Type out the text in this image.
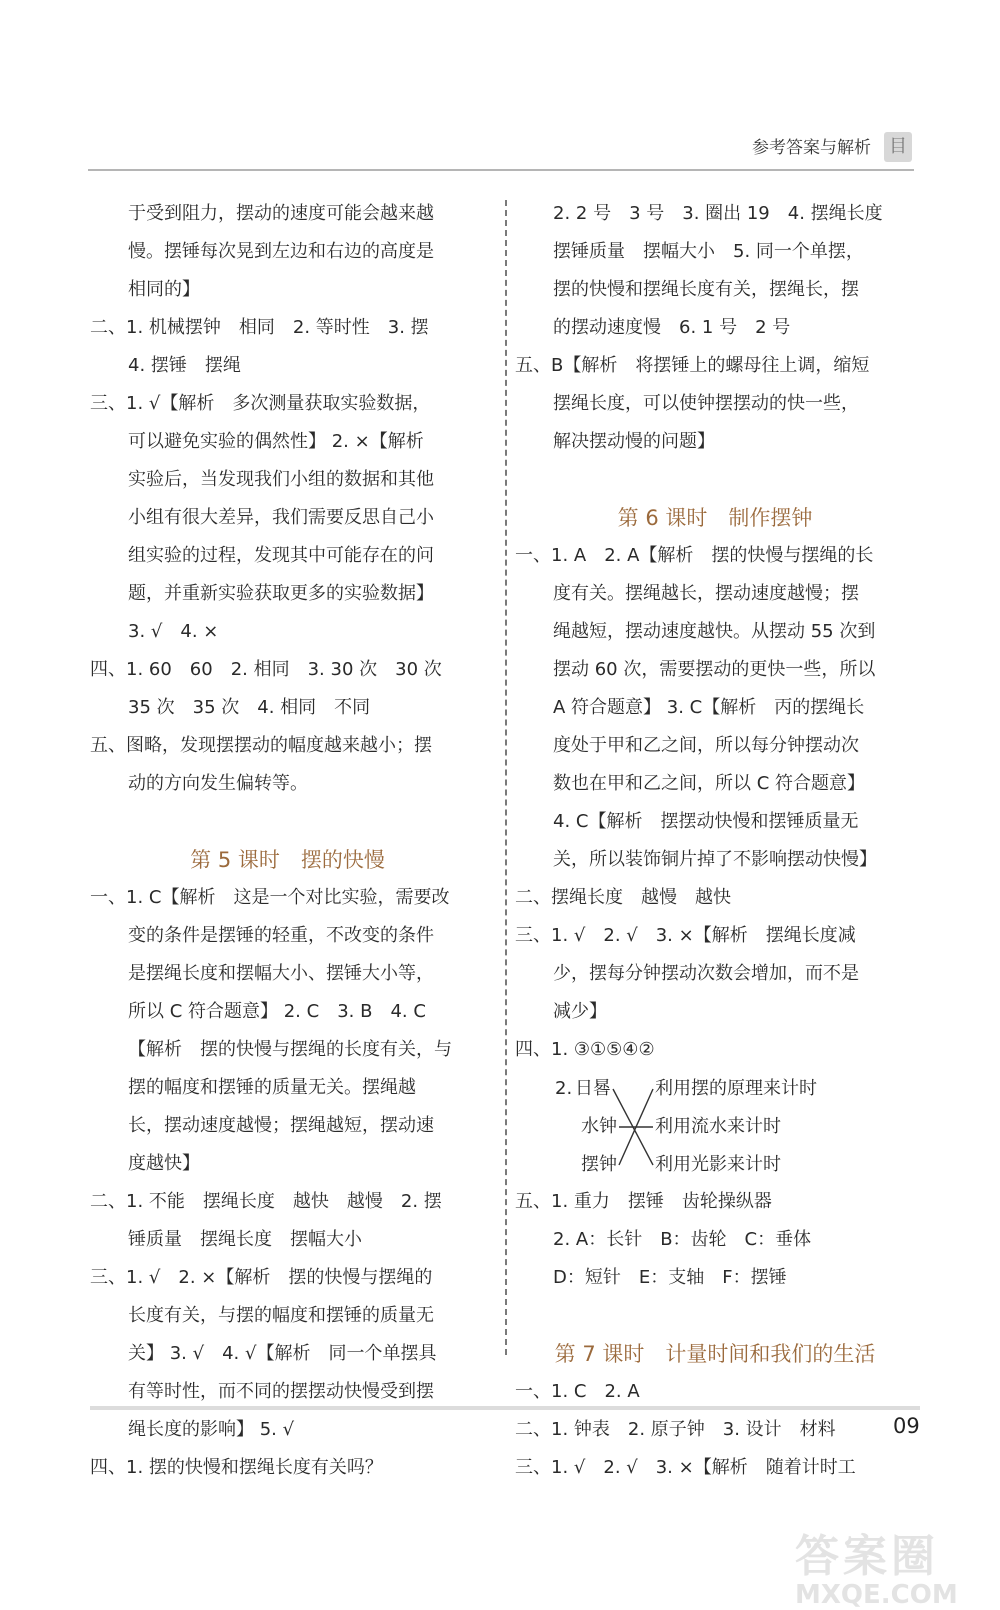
参考答案与解析 目

于受到阻力，摆动的速度可能会越来越

慢。摆锤每次晃到左边和右边的高度是

相同的】

二、1. 机械摆钟　相同　2. 等时性　3. 摆

4. 摆锤　摆绳

三、1. √【解析　多次测量获取实验数据，

可以避免实验的偶然性】 2. ×【解析

实验后，当发现我们小组的数据和其他

小组有很大差异，我们需要反思自己小

组实验的过程，发现其中可能存在的问

题，并重新实验获取更多的实验数据】

3. √　4. ×

四、1. 60　60　2. 相同　3. 30 次　30 次

35 次　35 次　4. 相同　不同

五、图略，发现摆摆动的幅度越来越小；摆

动的方向发生偏转等。

第 5 课时　摆的快慢

一、1. C【解析　这是一个对比实验，需要改

变的条件是摆锤的轻重，不改变的条件

是摆绳长度和摆幅大小、摆锤大小等，

所以 C 符合题意】 2. C　3. B　4. C

【解析　摆的快慢与摆绳的长度有关，与

摆的幅度和摆锤的质量无关。摆绳越

长，摆动速度越慢；摆绳越短，摆动速

度越快】

二、1. 不能　摆绳长度　越快　越慢　2. 摆

锤质量　摆绳长度　摆幅大小

三、1. √　2. ×【解析　摆的快慢与摆绳的

长度有关，与摆的幅度和摆锤的质量无

关】 3. √　4. √【解析　同一个单摆具

有等时性，而不同的摆摆动快慢受到摆

绳长度的影响】 5. √

四、1. 摆的快慢和摆绳长度有关吗？

2. 2 号　3 号　3. 圈出 19　4. 摆绳长度

摆锤质量　摆幅大小　5. 同一个单摆，

摆的快慢和摆绳长度有关，摆绳长，摆

的摆动速度慢　6. 1 号　2 号

五、B【解析　将摆锤上的螺母往上调，缩短

摆绳长度，可以使钟摆摆动的快一些，

解决摆动慢的问题】

第 6 课时　制作摆钟

一、1. A　2. A【解析　摆的快慢与摆绳的长

度有关。摆绳越长，摆动速度越慢；摆

绳越短，摆动速度越快。从摆动 55 次到

摆动 60 次，需要摆动的更快一些，所以

A 符合题意】 3. C【解析　丙的摆绳长

度处于甲和乙之间，所以每分钟摆动次

数也在甲和乙之间，所以 C 符合题意】

4. C【解析　摆摆动快慢和摆锤质量无

关，所以装饰铜片掉了不影响摆动快慢】

二、摆绳长度　越慢　越快

三、1. √　2. √　3. ×【解析　摆绳长度减

少，摆每分钟摆动次数会增加，而不是

减少】

四、1. ③①⑤④②

2. 日晷
水钟
摆钟
利用摆的原理来计时
利用流水来计时
利用光影来计时

五、1. 重力　摆锤　齿轮操纵器

2. A：长针　B：齿轮　C：垂体

D：短针　E：支轴　F：摆锤

第 7 课时　计量时间和我们的生活

一、1. C　2. A

二、1. 钟表　2. 原子钟　3. 设计　材料

三、1. √　2. √　3. ×【解析　随着计时工

09
答案圈
MXQE.COM
